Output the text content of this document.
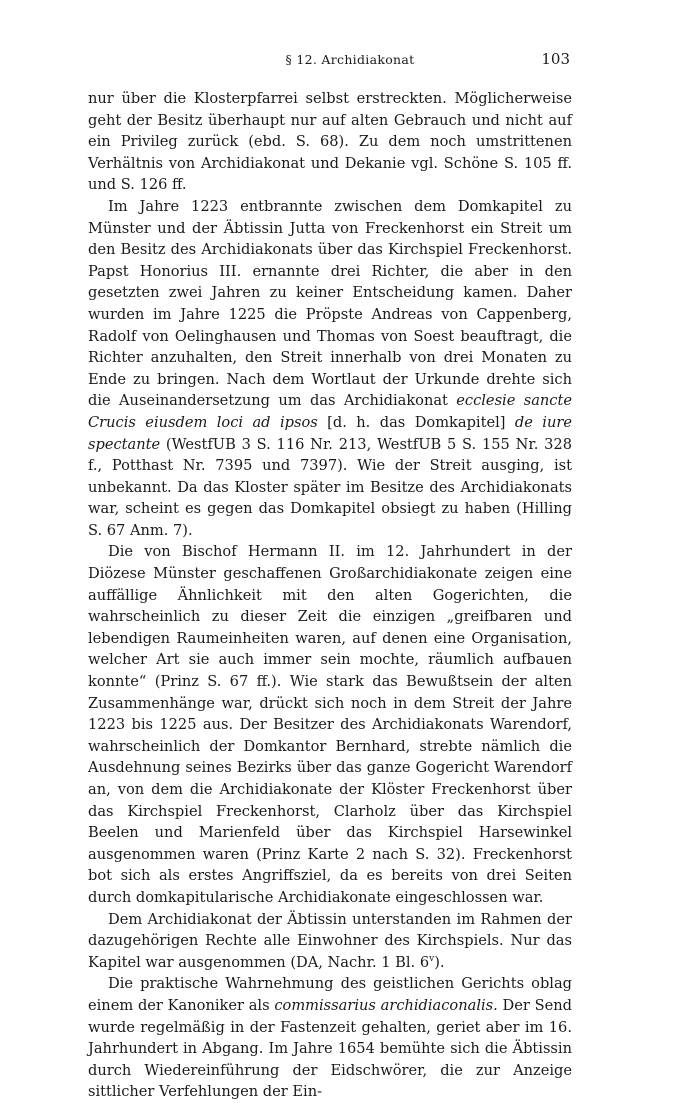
§ 12. Archidiakonat	103

nur über die Klosterpfarrei selbst erstreckten. Möglicherweise geht der Besitz überhaupt nur auf alten Gebrauch und nicht auf ein Privileg zurück (ebd. S. 68). Zu dem noch umstrittenen Verhältnis von Archidiakonat und Dekanie vgl. Schöne S. 105 ff. und S. 126 ff.

Im Jahre 1223 entbrannte zwischen dem Domkapitel zu Münster und der Äbtissin Jutta von Freckenhorst ein Streit um den Besitz des Archidiakonats über das Kirchspiel Freckenhorst. Papst Honorius III. ernannte drei Richter, die aber in den gesetzten zwei Jahren zu keiner Entscheidung kamen. Daher wurden im Jahre 1225 die Pröpste Andreas von Cappenberg, Radolf von Oelinghausen und Thomas von Soest beauftragt, die Richter anzuhalten, den Streit innerhalb von drei Monaten zu Ende zu bringen. Nach dem Wortlaut der Urkunde drehte sich die Auseinandersetzung um das Archidiakonat ecclesie sancte Crucis eiusdem loci ad ipsos [d. h. das Domkapitel] de iure spectante (WestfUB 3 S. 116 Nr. 213, WestfUB 5 S. 155 Nr. 328 f., Potthast Nr. 7395 und 7397). Wie der Streit ausging, ist unbekannt. Da das Kloster später im Besitze des Archidiakonats war, scheint es gegen das Domkapitel obsiegt zu haben (Hilling S. 67 Anm. 7).

Die von Bischof Hermann II. im 12. Jahrhundert in der Diözese Münster geschaffenen Großarchidiakonate zeigen eine auffällige Ähnlichkeit mit den alten Gogerichten, die wahrscheinlich zu dieser Zeit die einzigen „greifbaren und lebendigen Raumeinheiten waren, auf denen eine Organisation, welcher Art sie auch immer sein mochte, räumlich aufbauen konnte“ (Prinz S. 67 ff.). Wie stark das Bewußtsein der alten Zusammenhänge war, drückt sich noch in dem Streit der Jahre 1223 bis 1225 aus. Der Besitzer des Archidiakonats Warendorf, wahrscheinlich der Domkantor Bernhard, strebte nämlich die Ausdehnung seines Bezirks über das ganze Gogericht Warendorf an, von dem die Archidiakonate der Klöster Freckenhorst über das Kirchspiel Freckenhorst, Clarholz über das Kirchspiel Beelen und Marienfeld über das Kirchspiel Harsewinkel ausgenommen waren (Prinz Karte 2 nach S. 32). Freckenhorst bot sich als erstes Angriffsziel, da es bereits von drei Seiten durch domkapitularische Archidiakonate eingeschlossen war.

Dem Archidiakonat der Äbtissin unterstanden im Rahmen der dazugehörigen Rechte alle Einwohner des Kirchspiels. Nur das Kapitel war ausgenommen (DA, Nachr. 1 Bl. 6$^v$).

Die praktische Wahrnehmung des geistlichen Gerichts oblag einem der Kanoniker als commissarius archidiaconalis. Der Send wurde regelmäßig in der Fastenzeit gehalten, geriet aber im 16. Jahrhundert in Abgang. Im Jahre 1654 bemühte sich die Äbtissin durch Wiedereinführung der Eidschwörer, die zur Anzeige sittlicher Verfehlungen der Ein-
